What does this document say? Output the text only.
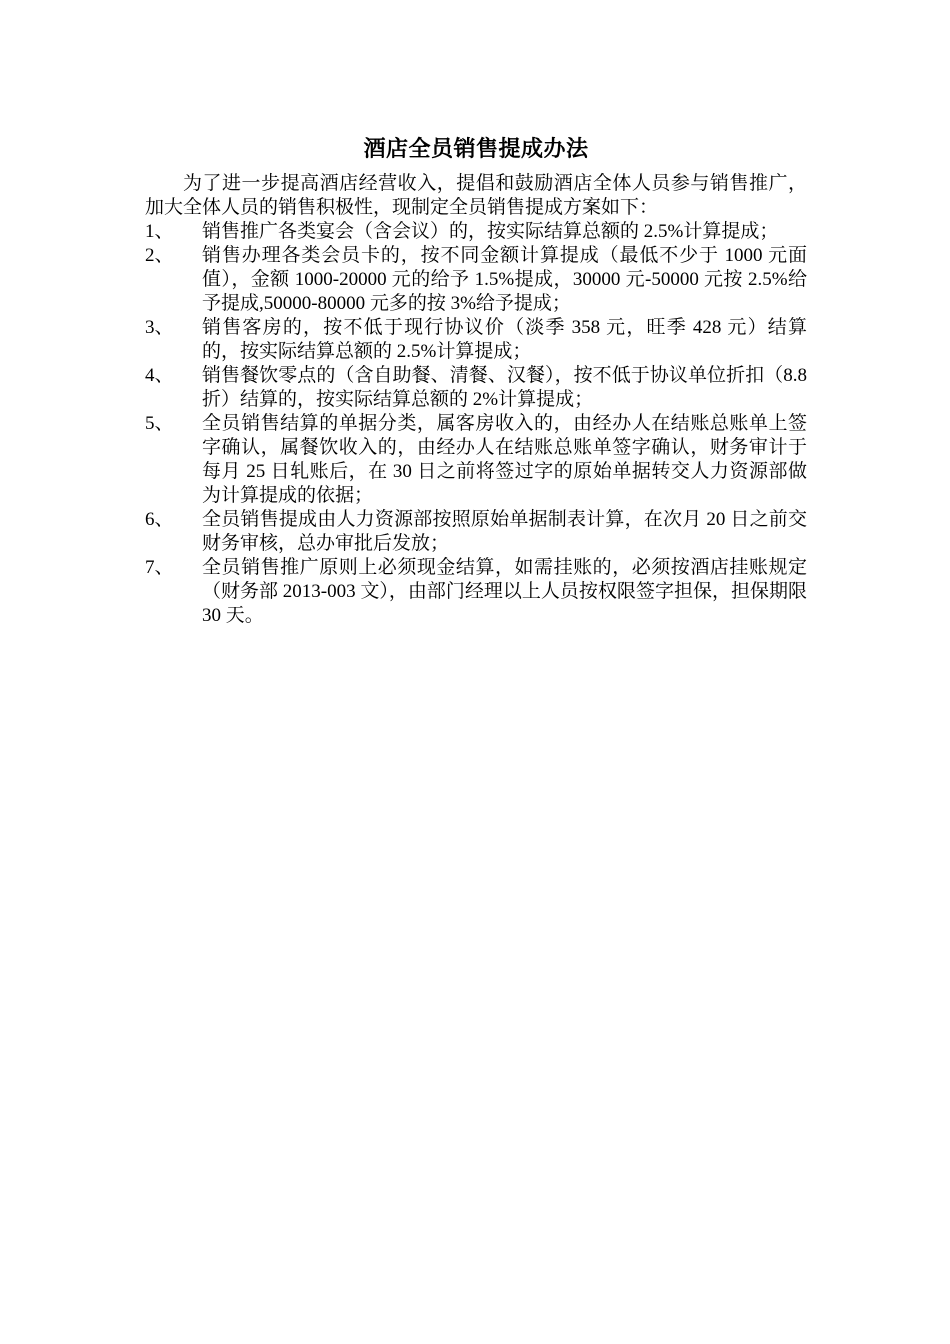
酒店全员销售提成办法

为了进一步提高酒店经营收入，提倡和鼓励酒店全体人员参与销售推广，加大全体人员的销售积极性，现制定全员销售提成方案如下：

1、	销售推广各类宴会（含会议）的，按实际结算总额的 2.5%计算提成；
2、	销售办理各类会员卡的，按不同金额计算提成（最低不少于 1000 元面值），金额 1000-20000 元的给予 1.5%提成，30000 元-50000 元按 2.5%给予提成,50000-80000 元多的按 3%给予提成；
3、	销售客房的，按不低于现行协议价（淡季 358 元，旺季 428 元）结算的，按实际结算总额的 2.5%计算提成；
4、	销售餐饮零点的（含自助餐、清餐、汉餐），按不低于协议单位折扣（8.8 折）结算的，按实际结算总额的 2%计算提成；
5、	全员销售结算的单据分类，属客房收入的，由经办人在结账总账单上签字确认，属餐饮收入的，由经办人在结账总账单签字确认，财务审计于每月 25 日轧账后，在 30 日之前将签过字的原始单据转交人力资源部做为计算提成的依据；
6、	全员销售提成由人力资源部按照原始单据制表计算，在次月 20 日之前交财务审核，总办审批后发放；
7、	全员销售推广原则上必须现金结算，如需挂账的，必须按酒店挂账规定（财务部 2013-003 文），由部门经理以上人员按权限签字担保，担保期限 30 天。
